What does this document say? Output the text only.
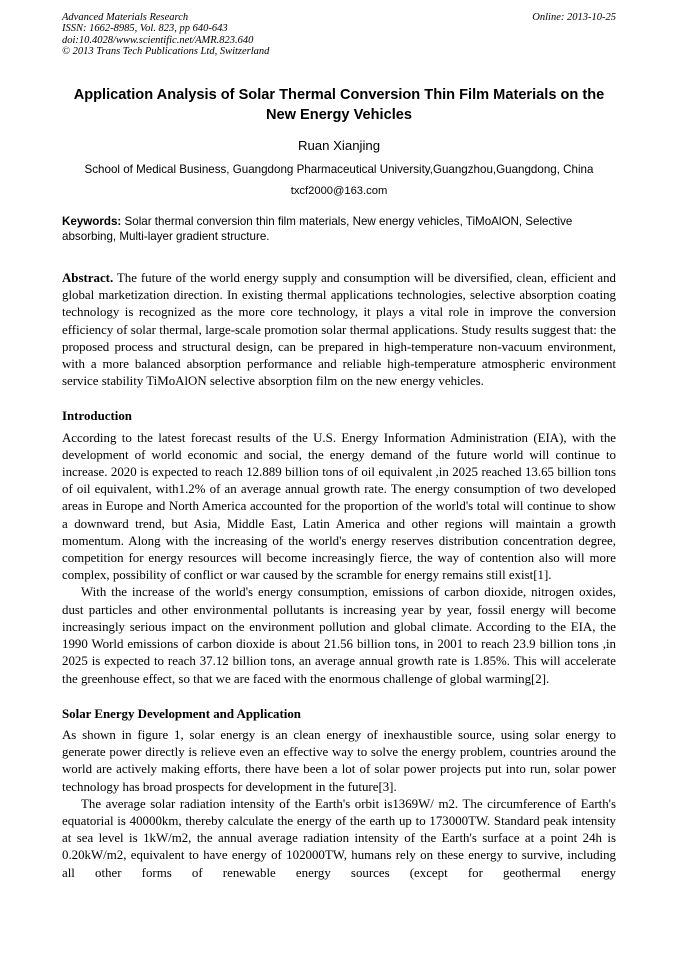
Advanced Materials Research	Online: 2013-10-25
ISSN: 1662-8985, Vol. 823, pp 640-643
doi:10.4028/www.scientific.net/AMR.823.640
© 2013 Trans Tech Publications Ltd, Switzerland
Application Analysis of Solar Thermal Conversion Thin Film Materials on the New Energy Vehicles
Ruan Xianjing
School of Medical Business, Guangdong Pharmaceutical University,Guangzhou,Guangdong, China
txcf2000@163.com

Keywords: Solar thermal conversion thin film materials, New energy vehicles, TiMoAlON, Selective absorbing, Multi-layer gradient structure.

Abstract. The future of the world energy supply and consumption will be diversified, clean, efficient and global marketization direction. In existing thermal applications technologies, selective absorption coating technology is recognized as the more core technology, it plays a vital role in improve the conversion efficiency of solar thermal, large-scale promotion solar thermal applications. Study results suggest that: the proposed process and structural design, can be prepared in high-temperature non-vacuum environment, with a more balanced absorption performance and reliable high-temperature atmospheric environment service stability TiMoAlON selective absorption film on the new energy vehicles.

Introduction

According to the latest forecast results of the U.S. Energy Information Administration (EIA), with the development of world economic and social, the energy demand of the future world will continue to increase. 2020 is expected to reach 12.889 billion tons of oil equivalent ,in 2025 reached 13.65 billion tons of oil equivalent, with1.2% of an average annual growth rate. The energy consumption of two developed areas in Europe and North America accounted for the proportion of the world's total will continue to show a downward trend, but Asia, Middle East, Latin America and other regions will maintain a growth momentum. Along with the increasing of the world's energy reserves distribution concentration degree, competition for energy resources will become increasingly fierce, the way of contention also will more complex, possibility of conflict or war caused by the scramble for energy remains still exist[1].

With the increase of the world's energy consumption, emissions of carbon dioxide, nitrogen oxides, dust particles and other environmental pollutants is increasing year by year, fossil energy will become increasingly serious impact on the environment pollution and global climate. According to the EIA, the 1990 World emissions of carbon dioxide is about 21.56 billion tons, in 2001 to reach 23.9 billion tons ,in 2025 is expected to reach 37.12 billion tons, an average annual growth rate is 1.85%. This will accelerate the greenhouse effect, so that we are faced with the enormous challenge of global warming[2].

Solar Energy Development and Application

As shown in figure 1, solar energy is an clean energy of inexhaustible source, using solar energy to generate power directly is relieve even an effective way to solve the energy problem, countries around the world are actively making efforts, there have been a lot of solar power projects put into run, solar power technology has broad prospects for development in the future[3].

The average solar radiation intensity of the Earth's orbit is1369W/ m2. The circumference of Earth's equatorial is 40000km, thereby calculate the energy of the earth up to 173000TW. Standard peak intensity at sea level is 1kW/m2, the annual average radiation intensity of the Earth's surface at a point 24h is 0.20kW/m2, equivalent to have energy of 102000TW, humans rely on these energy to survive, including all other forms of renewable energy sources (except for geothermal energy
